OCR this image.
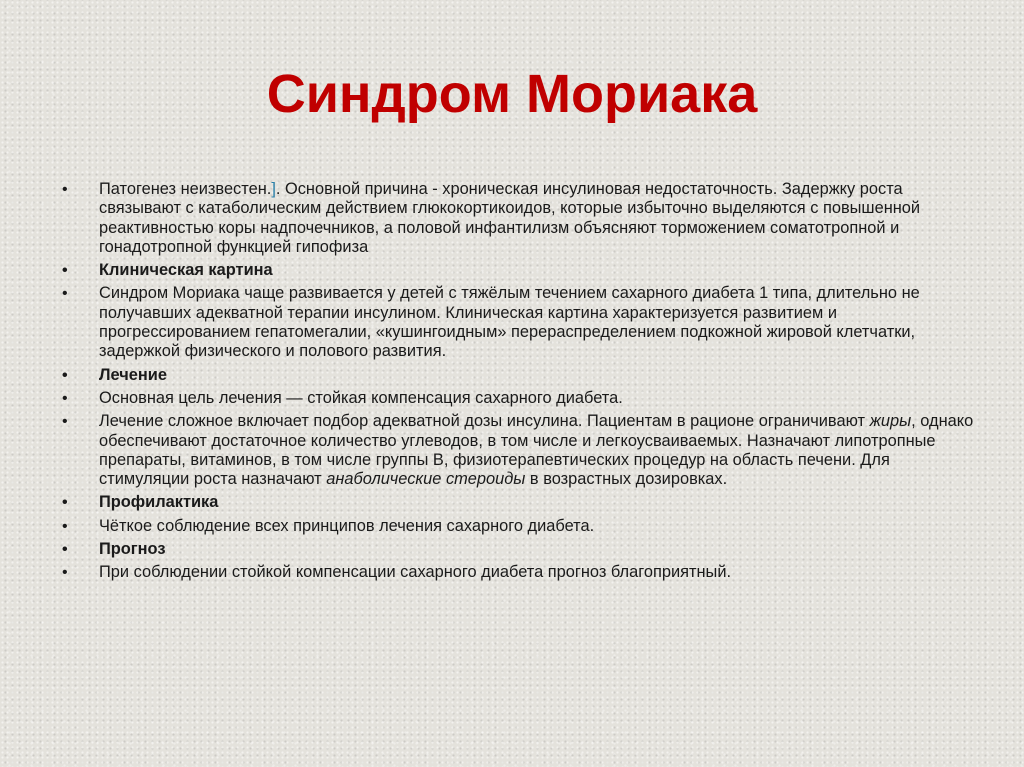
Синдром Мориака
• Патогенез неизвестен.]. Основной причина - хроническая инсулиновая недостаточность. Задержку роста связывают с катаболическим действием глюкокортикоидов, которые избыточно выделяются с повышенной реактивностью коры надпочечников, а половой инфантилизм объясняют торможением соматотропной и гонадотропной функцией гипофиза
• Клиническая картина
• Синдром Мориака чаще развивается у детей с тяжёлым течением сахарного диабета 1 типа, длительно не получавших адекватной терапии инсулином. Клиническая картина характеризуется развитием и прогрессированием гепатомегалии, «кушингоидным» перераспределением подкожной жировой клетчатки, задержкой физического и полового развития.
• Лечение
• Основная цель лечения — стойкая компенсация сахарного диабета.
• Лечение сложное включает подбор адекватной дозы инсулина. Пациентам в рационе ограничивают жиры, однако обеспечивают достаточное количество углеводов, в том числе и легкоусваиваемых. Назначают липотропные препараты, витаминов, в том числе группы В, физиотерапевтических процедур на область печени. Для стимуляции роста назначают анаболические стероиды в возрастных дозировках.
• Профилактика
• Чёткое соблюдение всех принципов лечения сахарного диабета.
• Прогноз
• При соблюдении стойкой компенсации сахарного диабета прогноз благоприятный.
